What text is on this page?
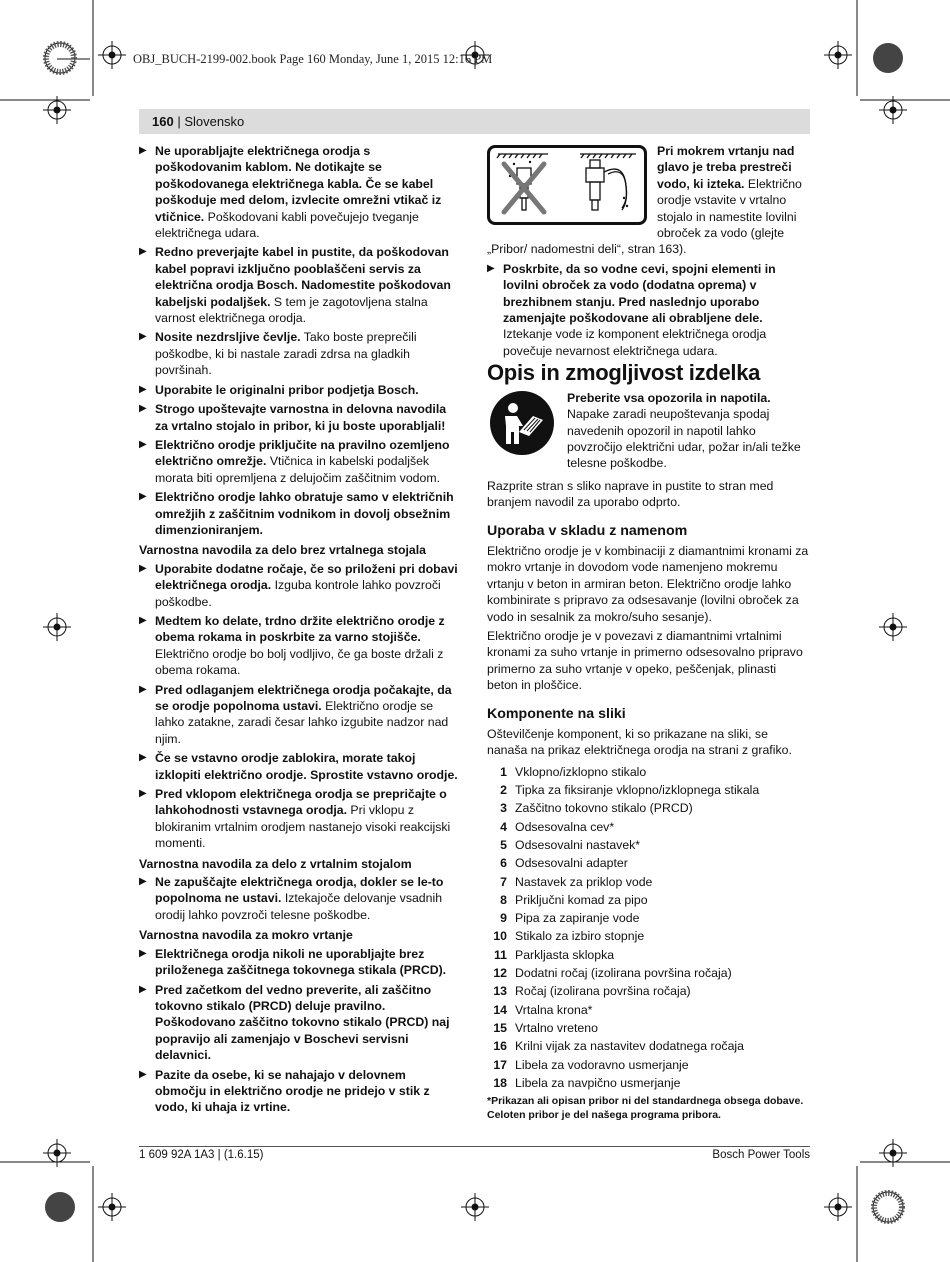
OBJ_BUCH-2199-002.book Page 160 Monday, June 1, 2015 12:16 PM
160 | Slovensko
▶ Ne uporabljajte električnega orodja s poškodovanim kablom. Ne dotikajte se poškodovanega električnega kabla. Če se kabel poškoduje med delom, izvlecite omrežni vtikač iz vtičnice. Poškodovani kabli povečujejo tveganje električnega udara.
▶ Redno preverjajte kabel in pustite, da poškodovan kabel popravi izključno pooblaščeni servis za električna orodja Bosch. Nadomestite poškodovan kabeljski podaljšek. S tem je zagotovljena stalna varnost električnega orodja.
▶ Nosite nezdrsljive čevlje. Tako boste preprečili poškodbe, ki bi nastale zaradi zdrsa na gladkih površinah.
▶ Uporabite le originalni pribor podjetja Bosch.
▶ Strogo upoštevajte varnostna in delovna navodila za vrtalno stojalo in pribor, ki ju boste uporabljali!
▶ Električno orodje priključite na pravilno ozemljeno električno omrežje. Vtičnica in kabelski podaljšek morata biti opremljena z delujočim zaščitnim vodom.
▶ Električno orodje lahko obratuje samo v električnih omrežjih z zaščitnim vodnikom in dovolj obsežnim dimenzioniranjem.
Varnostna navodila za delo brez vrtalnega stojala
▶ Uporabite dodatne ročaje, če so priloženi pri dobavi električnega orodja. Izguba kontrole lahko povzroči poškodbe.
▶ Medtem ko delate, trdno držite električno orodje z obema rokama in poskrbite za varno stojišče. Električno orodje bo bolj vodljivo, če ga boste držali z obema rokama.
▶ Pred odlaganjem električnega orodja počakajte, da se orodje popolnoma ustavi. Električno orodje se lahko zatakne, zaradi česar lahko izgubite nadzor nad njim.
▶ Če se vstavno orodje zablokira, morate takoj izklopiti električno orodje. Sprostite vstavno orodje.
▶ Pred vklopom električnega orodja se prepričajte o lahkohodnosti vstavnega orodja. Pri vklopu z blokiranim vrtalnim orodjem nastanejo visoki reakcijski momenti.
Varnostna navodila za delo z vrtalnim stojalom
▶ Ne zapuščajte električnega orodja, dokler se le-to popolnoma ne ustavi. Iztekajoče delovanje vsadnih orodij lahko povzroči telesne poškodbe.
Varnostna navodila za mokro vrtanje
▶ Električnega orodja nikoli ne uporabljajte brez priloženega zaščitnega tokovnega stikala (PRCD).
▶ Pred začetkom del vedno preverite, ali zaščitno tokovno stikalo (PRCD) deluje pravilno. Poškodovano zaščitno tokovno stikalo (PRCD) naj popravijo ali zamenjajo v Boschevi servisni delavnici.
▶ Pazite da osebe, ki se nahajajo v delovnem območju in električno orodje ne pridejo v stik z vodo, ki uhaja iz vrtine.

Pri mokrem vrtanju nad glavo je treba prestreči vodo, ki izteka. Električno orodje vstavite v vrtalno stojalo in namestite lovilni obroček za vodo (glejte „Pribor/ nadomestni deli“, stran 163).

▶ Poskrbite, da so vodne cevi, spojni elementi in lovilni obroček za vodo (dodatna oprema) v brezhibnem stanju. Pred naslednjo uporabo zamenjajte poškodovane ali obrabljene dele. Iztekanje vode iz komponent električnega orodja povečuje nevarnost električnega udara.
Opis in zmogljivost izdelka

Preberite vsa opozorila in napotila. Napake zaradi neupoštevanja spodaj navedenih opozoril in napotil lahko povzročijo električni udar, požar in/ali težke telesne poškodbe.

Razprite stran s sliko naprave in pustite to stran med branjem navodil za uporabo odprto.

Uporaba v skladu z namenom

Električno orodje je v kombinaciji z diamantnimi kronami za mokro vrtanje in dovodom vode namenjeno mokremu vrtanju v beton in armiran beton. Električno orodje lahko kombinirate s pripravo za odsesavanje (lovilni obroček za vodo in sesalnik za mokro/suho sesanje).

Električno orodje je v povezavi z diamantnimi vrtalnimi kronami za suho vrtanje in primerno odsesovalno pripravo primerno za suho vrtanje v opeko, peščenjak, plinasti beton in ploščice.

Komponente na sliki

Oštevilčenje komponent, ki so prikazane na sliki, se nanaša na prikaz električnega orodja na strani z grafiko.

1 Vklopno/izklopno stikalo
2 Tipka za fiksiranje vklopno/izklopnega stikala
3 Zaščitno tokovno stikalo (PRCD)
4 Odsesovalna cev*
5 Odsesovalni nastavek*
6 Odsesovalni adapter
7 Nastavek za priklop vode
8 Priključni komad za pipo
9 Pipa za zapiranje vode
10 Stikalo za izbiro stopnje
11 Parkljasta sklopka
12 Dodatni ročaj (izolirana površina ročaja)
13 Ročaj (izolirana površina ročaja)
14 Vrtalna krona*
15 Vrtalno vreteno
16 Krilni vijak za nastavitev dodatnega ročaja
17 Libela za vodoravno usmerjanje
18 Libela za navpično usmerjanje
*Prikazan ali opisan pribor ni del standardnega obsega dobave. Celoten pribor je del našega programa pribora.
1 609 92A 1A3 | (1.6.15)	Bosch Power Tools
